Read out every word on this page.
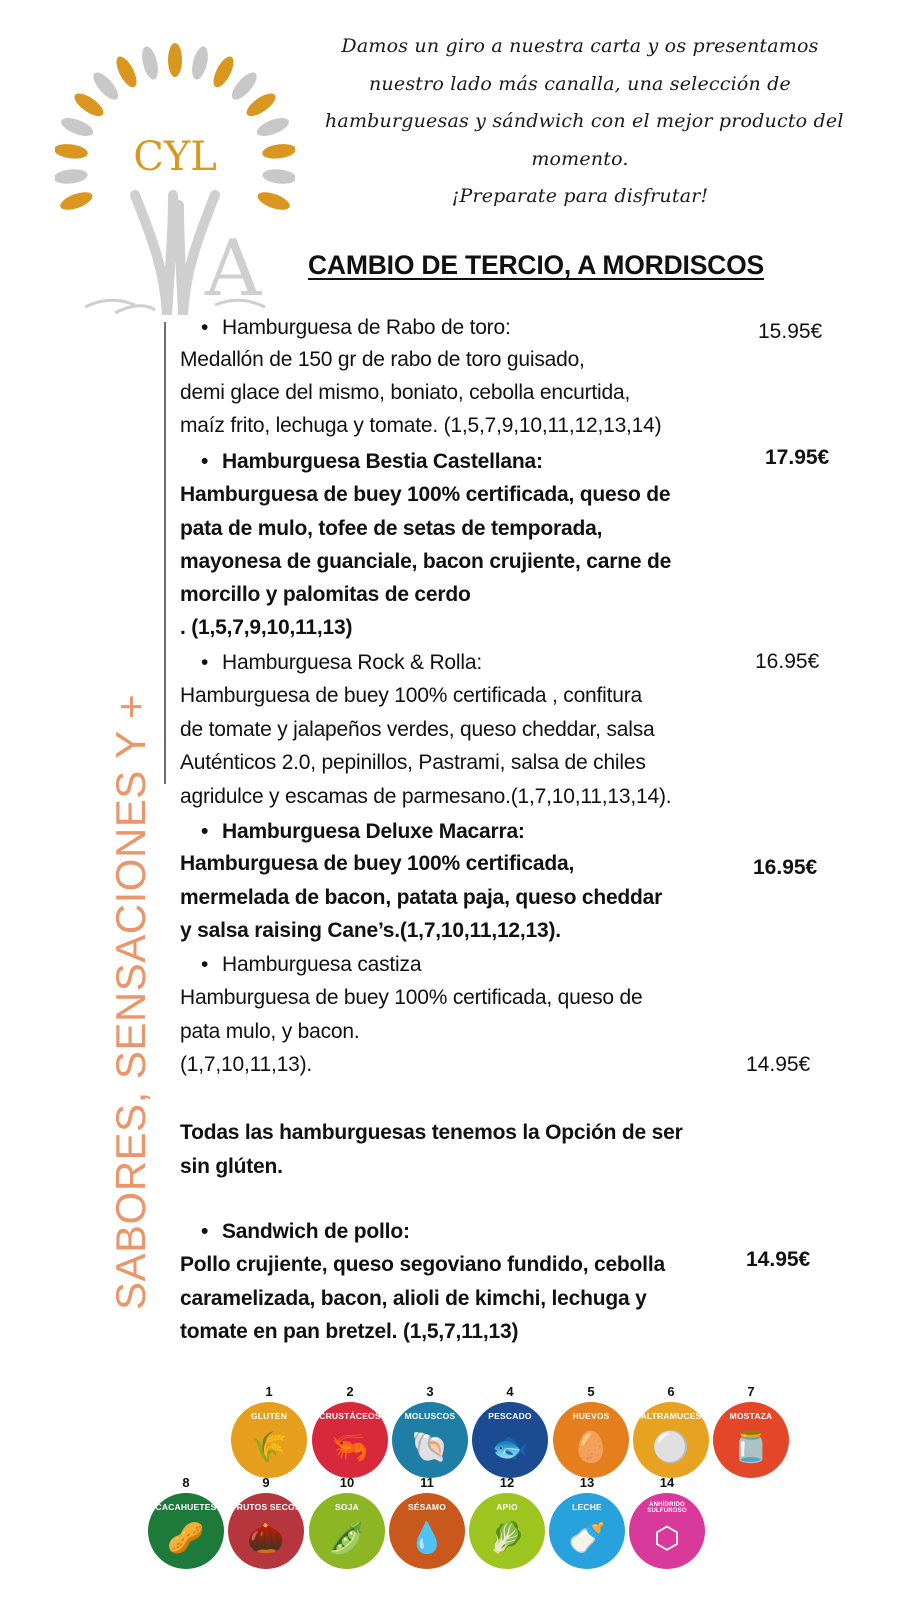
CYL
A
Damos un giro a nuestra carta y os presentamos
nuestro lado más canalla, una selección de
hamburguesas y sándwich con el mejor producto del
momento.
¡Preparate para disfrutar!
CAMBIO DE TERCIO, A MORDISCOS
SABORES, SENSACIONES Y +
• Hamburguesa de Rabo de toro:	15.95€
Medallón de 150 gr de rabo de toro guisado,
demi glace del mismo, boniato, cebolla encurtida,
maíz frito, lechuga y tomate. (1,5,7,9,10,11,12,13,14)
• Hamburguesa Bestia Castellana:	17.95€
Hamburguesa de buey 100% certificada, queso de
pata de mulo, tofee de setas de temporada,
mayonesa de guanciale, bacon crujiente, carne de
morcillo y palomitas de cerdo
. (1,5,7,9,10,11,13)
• Hamburguesa Rock & Rolla:	16.95€
Hamburguesa de buey 100% certificada , confitura
de tomate y jalapeños verdes, queso cheddar, salsa
Auténticos 2.0, pepinillos, Pastrami, salsa de chiles
agridulce y escamas de parmesano.(1,7,10,11,13,14).
• Hamburguesa Deluxe Macarra:
16.95€
Hamburguesa de buey 100% certificada,
mermelada de bacon, patata paja, queso cheddar
y salsa raising Cane’s.(1,7,10,11,12,13).
• Hamburguesa castiza
Hamburguesa de buey 100% certificada, queso de
pata mulo, y bacon.
(1,7,10,11,13).	14.95€
Todas las hamburguesas tenemos la Opción de ser
sin glúten.
• Sandwich de pollo:
14.95€
Pollo crujiente, queso segoviano fundido, cebolla
caramelizada, bacon, alioli de kimchi, lechuga y
tomate en pan bretzel. (1,5,7,11,13)
1
GLUTEN
🌾
2
CRUSTÁCEOS
🦐
3
MOLUSCOS
🐚
4
PESCADO
🐟
5
HUEVOS
🥚
6
ALTRAMUCES
⚪
7
MOSTAZA
🫙
8
CACAHUETES
🥜
9
FRUTOS SECOS
🌰
10
SOJA
🫛
11
SÉSAMO
💧
12
APIO
🥬
13
LECHE
🍼
14
ANHÍDRIDO SULFUROSO
⬡
